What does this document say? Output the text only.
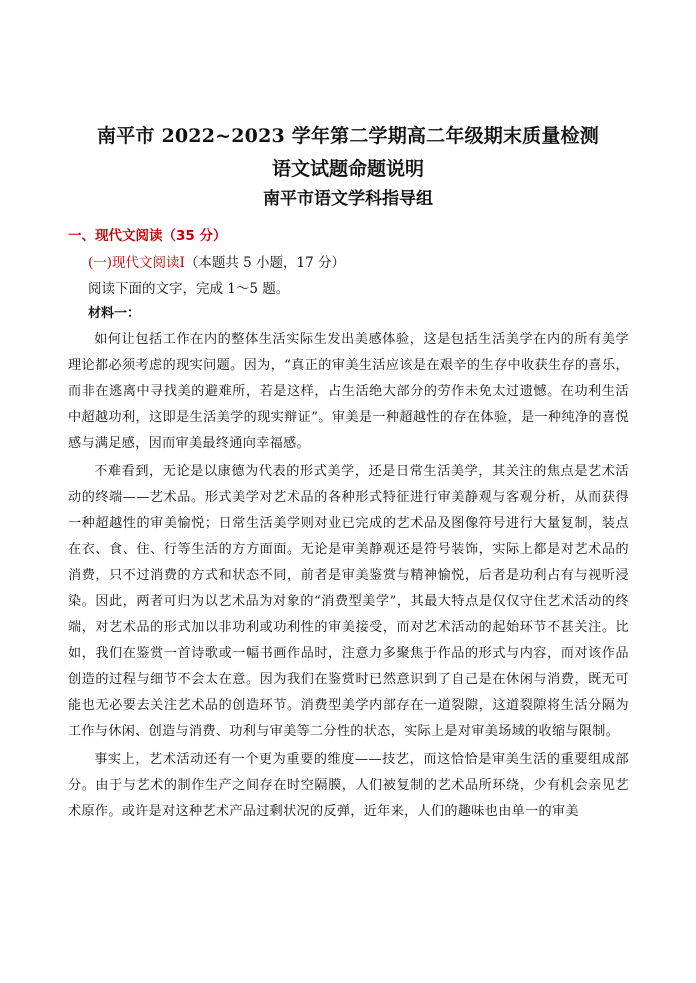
南平市 2022~2023 学年第二学期高二年级期末质量检测
语文试题命题说明
南平市语文学科指导组
一、现代文阅读（35 分）
(一)现代文阅读Ⅰ（本题共 5 小题，17 分）
阅读下面的文字，完成 1～5 题。
材料一：

如何让包括工作在内的整体生活实际生发出美感体验，这是包括生活美学在内的所有美学理论都必须考虑的现实问题。因为，“真正的审美生活应该是在艰辛的生存中收获生存的喜乐，而非在逃离中寻找美的避难所，若是这样，占生活绝大部分的劳作未免太过遗憾。在功利生活中超越功利，这即是生活美学的现实辩证”。审美是一种超越性的存在体验，是一种纯净的喜悦感与满足感，因而审美最终通向幸福感。

不难看到，无论是以康德为代表的形式美学，还是日常生活美学，其关注的焦点是艺术活动的终端——艺术品。形式美学对艺术品的各种形式特征进行审美静观与客观分析，从而获得一种超越性的审美愉悦；日常生活美学则对业已完成的艺术品及图像符号进行大量复制，装点在衣、食、住、行等生活的方方面面。无论是审美静观还是符号装饰，实际上都是对艺术品的消费，只不过消费的方式和状态不同，前者是审美鉴赏与精神愉悦，后者是功利占有与视听浸染。因此，两者可归为以艺术品为对象的“消费型美学”，其最大特点是仅仅守住艺术活动的终端，对艺术品的形式加以非功利或功利性的审美接受，而对艺术活动的起始环节不甚关注。比如，我们在鉴赏一首诗歌或一幅书画作品时，注意力多聚焦于作品的形式与内容，而对该作品创造的过程与细节不会太在意。因为我们在鉴赏时已然意识到了自己是在休闲与消费，既无可能也无必要去关注艺术品的创造环节。消费型美学内部存在一道裂隙，这道裂隙将生活分隔为工作与休闲、创造与消费、功利与审美等二分性的状态，实际上是对审美场域的收缩与限制。

事实上，艺术活动还有一个更为重要的维度——技艺，而这恰恰是审美生活的重要组成部分。由于与艺术的制作生产之间存在时空隔膜，人们被复制的艺术品所环绕，少有机会亲见艺术原作。或许是对这种艺术产品过剩状况的反弹，近年来，人们的趣味也由单一的审美
